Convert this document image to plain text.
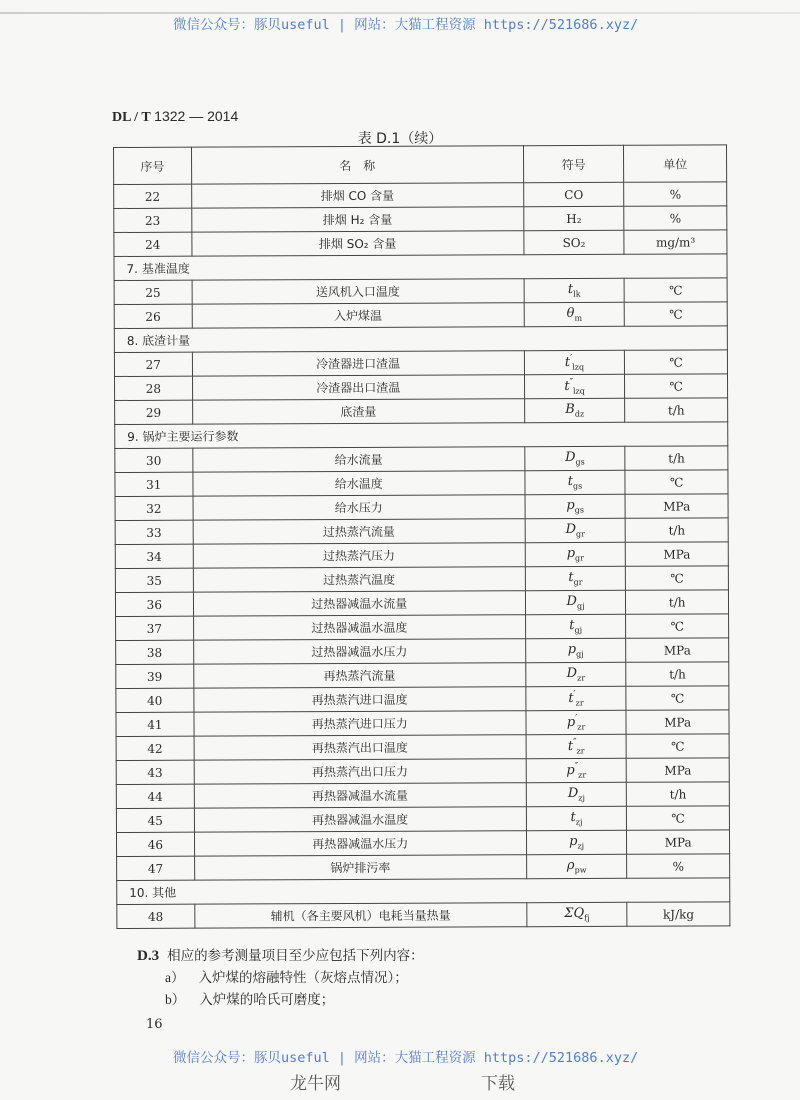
微信公众号：豚贝useful | 网站：大猫工程资源 https://521686.xyz/
DL / T 1322 — 2014
表 D.1（续）
序号	名　称	符号	单位
22	排烟 CO 含量	CO	%
23	排烟 H₂ 含量	H₂	%
24	排烟 SO₂ 含量	SO₂	mg/m³
7. 基准温度			
25	送风机入口温度	$t_{lk}$	℃
26	入炉煤温	$\theta_m$	℃
8. 底渣计量			
27	冷渣器进口渣温	$t'_{lzq}$	℃
28	冷渣器出口渣温	$t''_{lzq}$	℃
29	底渣量	$B_{dz}$	t/h
9. 锅炉主要运行参数			
30	给水流量	$D_{gs}$	t/h
31	给水温度	$t_{gs}$	℃
32	给水压力	$p_{gs}$	MPa
33	过热蒸汽流量	$D_{gr}$	t/h
34	过热蒸汽压力	$p_{gr}$	MPa
35	过热蒸汽温度	$t_{gr}$	℃
36	过热器减温水流量	$D_{gj}$	t/h
37	过热器减温水温度	$t_{gj}$	℃
38	过热器减温水压力	$p_{gj}$	MPa
39	再热蒸汽流量	$D_{zr}$	t/h
40	再热蒸汽进口温度	$t'_{zr}$	℃
41	再热蒸汽进口压力	$p'_{zr}$	MPa
42	再热蒸汽出口温度	$t''_{zr}$	℃
43	再热蒸汽出口压力	$p''_{zr}$	MPa
44	再热器减温水流量	$D_{zj}$	t/h
45	再热器减温水温度	$t_{zj}$	℃
46	再热器减温水压力	$p_{zj}$	MPa
47	锅炉排污率	$\rho_{pw}$	%
10. 其他			
48	辅机（各主要风机）电耗当量热量	$\Sigma Q_{fj}$	kJ/kg
D.3 相应的参考测量项目至少应包括下列内容：
a） 入炉煤的熔融特性（灰熔点情况）；
b） 入炉煤的哈氏可磨度；
16
微信公众号：豚贝useful | 网站：大猫工程资源 https://521686.xyz/
龙牛网	下载
